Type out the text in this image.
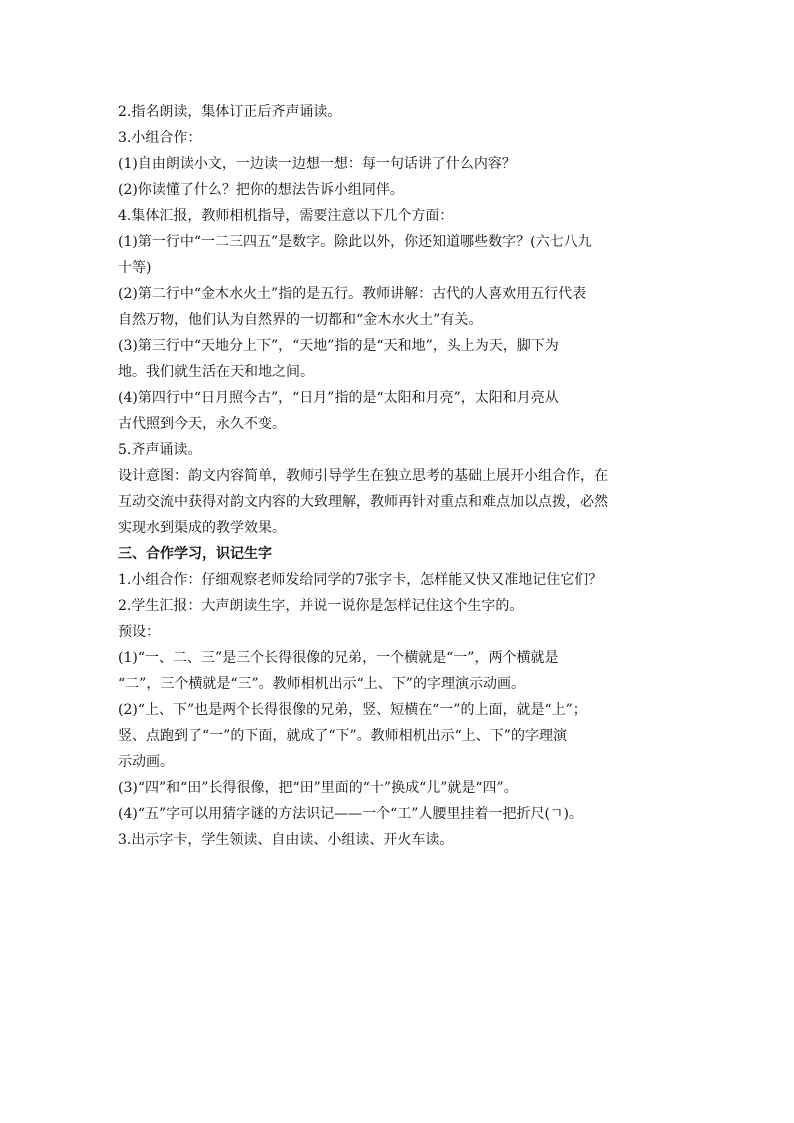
2.指名朗读，集体订正后齐声诵读。
3.小组合作：
(1)自由朗读小文，一边读一边想一想：每一句话讲了什么内容？
(2)你读懂了什么？把你的想法告诉小组同伴。
4.集体汇报，教师相机指导，需要注意以下几个方面：
(1)第一行中“一二三四五”是数字。除此以外，你还知道哪些数字？(六七八九
十等)
(2)第二行中“金木水火土”指的是五行。教师讲解：古代的人喜欢用五行代表
自然万物，他们认为自然界的一切都和“金木水火土”有关。
(3)第三行中“天地分上下”，“天地”指的是“天和地”，头上为天，脚下为
地。我们就生活在天和地之间。
(4)第四行中“日月照今古”，“日月”指的是“太阳和月亮”，太阳和月亮从
古代照到今天，永久不变。
5.齐声诵读。
设计意图：韵文内容简单，教师引导学生在独立思考的基础上展开小组合作，在
互动交流中获得对韵文内容的大致理解，教师再针对重点和难点加以点拨，必然
实现水到渠成的教学效果。
三、合作学习，识记生字
1.小组合作：仔细观察老师发给同学的7张字卡，怎样能又快又准地记住它们？
2.学生汇报：大声朗读生字，并说一说你是怎样记住这个生字的。
预设：
(1)“一、二、三”是三个长得很像的兄弟，一个横就是“一”，两个横就是
“二”，三个横就是“三”。教师相机出示“上、下”的字理演示动画。
(2)“上、下”也是两个长得很像的兄弟，竖、短横在“一”的上面，就是“上”；
竖、点跑到了“一”的下面，就成了“下”。教师相机出示“上、下”的字理演
示动画。
(3)“四”和“田”长得很像，把“田”里面的“十”换成“儿”就是“四”。
(4)“五”字可以用猜字谜的方法识记——一个“工”人腰里挂着一把折尺(ㄱ)。
3.出示字卡，学生领读、自由读、小组读、开火车读。
